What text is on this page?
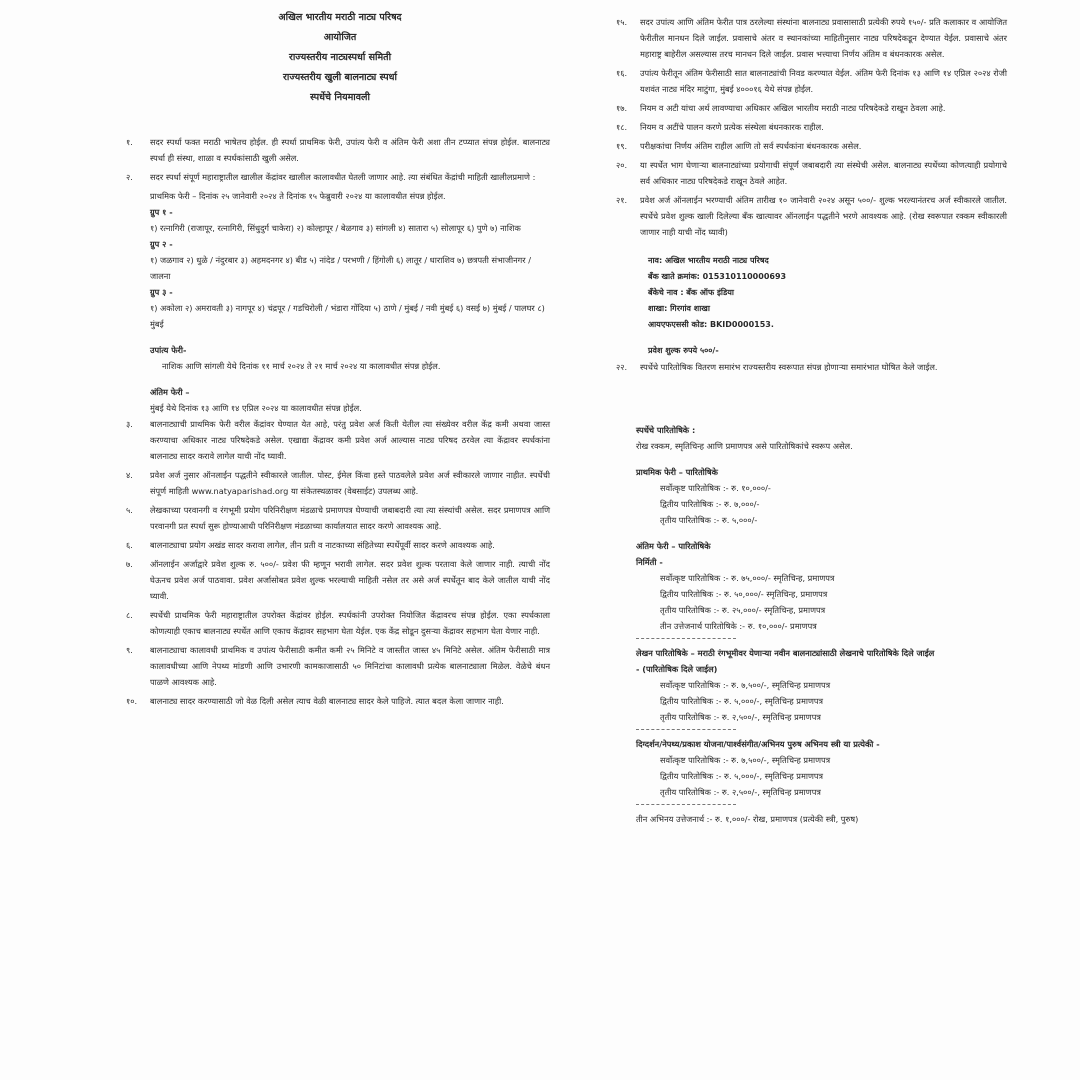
अखिल भारतीय मराठी नाट्य परिषद
आयोजित
राज्यस्तरीय नाट्यस्पर्धा समिती
राज्यस्तरीय खुली बालनाट्य स्पर्धा
स्पर्धेचे नियमावली
१.	सदर स्पर्धा फक्त मराठी भाषेतच होईल. ही स्पर्धा प्राथमिक फेरी, उपांत्य फेरी व अंतिम फेरी अशा तीन टप्प्यात संपन्न होईल. बालनाट्य स्पर्धा ही संस्था, शाळा व स्पर्धकांसाठी खुली असेल.
२.	सदर स्पर्धा संपूर्ण महाराष्ट्रातील खालील केंद्रांवर खालील कालावधीत घेतली जाणार आहे. त्या संबंधित केंद्रांची माहिती खालीलप्रमाणे :
प्राथमिक फेरी – दिनांक २५ जानेवारी २०२४ ते दिनांक १५ फेब्रुवारी २०२४ या कालावधीत संपन्न होईल.
ग्रुप १ -
१) रत्नागिरी (राजापूर, रत्नागिरी, सिंधुदुर्ग चाकेरा) २) कोल्हापूर / बेळगाव ३) सांगली ४) सातारा ५) सोलापूर ६) पुणे ७) नाशिक
ग्रुप २ -
१) जळगाव २) धुळे / नंदुरबार ३) अहमदनगर ४) बीड ५) नांदेड / परभणी / हिंगोली ६) लातूर / धाराशिव ७) छत्रपती संभाजीनगर / जालना
ग्रुप ३ -
१) अकोला २) अमरावती ३) नागपूर ४) चंद्रपूर / गडचिरोली / भंडारा गोंदिया ५) ठाणे / मुंबई / नवी मुंबई ६) वसई ७) मुंबई / पालघर ८) मुंबई
उपांत्य फेरी-
नाशिक आणि सांगली येथे दिनांक ११ मार्च २०२४ ते २१ मार्च २०२४ या कालावधीत संपन्न होईल.
अंतिम फेरी –
मुंबई येथे दिनांक १३ आणि १४ एप्रिल २०२४ या कालावधीत संपन्न होईल.
३.	बालनाट्याची प्राथमिक फेरी वरील केंद्रांवर घेण्यात येत आहे, परंतु प्रवेश अर्ज किती येतील त्या संख्येवर वरील केंद्र कमी अथवा जास्त करण्याचा अधिकार नाट्य परिषदेकडे असेल. एखाद्या केंद्रावर कमी प्रवेश अर्ज आल्यास नाट्य परिषद ठरवेल त्या केंद्रावर स्पर्धकांना बालनाट्य सादर करावे लागेल याची नोंद घ्यावी.
४.	प्रवेश अर्ज नुसार ऑनलाईन पद्धतीने स्वीकारले जातील. पोस्ट, ईमेल किंवा हस्ते पाठवलेले प्रवेश अर्ज स्वीकारले जाणार नाहीत. स्पर्धेची संपूर्ण माहिती www.natyaparishad.org या संकेतस्थळावर (वेबसाईट) उपलब्ध आहे.
५.	लेखकाच्या परवानगी व रंगभूमी प्रयोग परिनिरीक्षण मंडळाचे प्रमाणपत्र घेण्याची जबाबदारी त्या त्या संस्थांची असेल. सदर प्रमाणपत्र आणि परवानगी प्रत स्पर्धा सुरू होण्याआधी परिनिरीक्षण मंडळाच्या कार्यालयात सादर करणे आवश्यक आहे.
६.	बालनाट्याचा प्रयोग अखंड सादर करावा लागेल, तीन प्रती व नाटकाच्या संहितेच्या स्पर्धेपूर्वी सादर करणे आवश्यक आहे.
७.	ऑनलाईन अर्जाद्वारे प्रवेश शुल्क रु. ५००/- प्रवेश फी म्हणून भरावी लागेल. सदर प्रवेश शुल्क परतावा केले जाणार नाही. त्याची नोंद घेऊनच प्रवेश अर्ज पाठवावा. प्रवेश अर्जासोबत प्रवेश शुल्क भरल्याची माहिती नसेल तर असे अर्ज स्पर्धेतून बाद केले जातील याची नोंद घ्यावी.
८.	स्पर्धेची प्राथमिक फेरी महाराष्ट्रातील उपरोक्त केंद्रांवर होईल. स्पर्धकांनी उपरोक्त नियोजित केंद्रावरच संपन्न होईल. एका स्पर्धकाला कोणत्याही एकाच बालनाट्य स्पर्धेत आणि एकाच केंद्रावर सहभाग घेता येईल. एक केंद्र सोडून दुसऱ्या केंद्रावर सहभाग घेता येणार नाही.
९.	बालनाट्याचा कालावधी प्राथमिक व उपांत्य फेरीसाठी कमीत कमी २५ मिनिटे व जास्तीत जास्त ४५ मिनिटे असेल. अंतिम फेरीसाठी मात्र कालावधीच्या आणि नेपथ्य मांडणी आणि उभारणी कामकाजासाठी ५० मिनिटांचा कालावधी प्रत्येक बालनाट्याला मिळेल. वेळेचे बंधन पाळणे आवश्यक आहे.
१०.	बालनाट्य सादर करण्यासाठी जो वेळ दिली असेल त्याच वेळी बालनाट्य सादर केले पाहिजे. त्यात बदल केला जाणार नाही.
१५.	सदर उपांत्य आणि अंतिम फेरीत पात्र ठरलेल्या संस्थांना बालनाट्य प्रवासासाठी प्रत्येकी रुपये १५०/- प्रति कलाकार व आयोजित फेरीतील मानधन दिले जाईल. प्रवासाचे अंतर व स्थानकांच्या माहितीनुसार नाट्य परिषदेकडून देण्यात येईल. प्रवासाचे अंतर महाराष्ट्र बाहेरील असल्यास तरच मानधन दिले जाईल. प्रवास भत्त्याचा निर्णय अंतिम व बंधनकारक असेल.
१६.	उपांत्य फेरीतून अंतिम फेरीसाठी सात बालनाट्यांची निवड करण्यात येईल. अंतिम फेरी दिनांक १३ आणि १४ एप्रिल २०२४ रोजी यशवंत नाट्य मंदिर माटुंगा, मुंबई ४०००१६ येथे संपन्न होईल.
१७.	नियम व अटी यांचा अर्थ लावण्याचा अधिकार अखिल भारतीय मराठी नाट्य परिषदेकडे राखून ठेवला आहे.
१८.	नियम व अटींचे पालन करणे प्रत्येक संस्थेला बंधनकारक राहील.
१९.	परीक्षकांचा निर्णय अंतिम राहील आणि तो सर्व स्पर्धकांना बंधनकारक असेल.
२०.	या स्पर्धेत भाग घेणाऱ्या बालनाट्यांच्या प्रयोगाची संपूर्ण जबाबदारी त्या संस्थेची असेल. बालनाट्य स्पर्धेच्या कोणत्याही प्रयोगाचे सर्व अधिकार नाट्य परिषदेकडे राखून ठेवले आहेत.
२१.	प्रवेश अर्ज ऑनलाईन भरण्याची अंतिम तारीख १० जानेवारी २०२४ असून ५००/- शुल्क भरल्यानंतरच अर्ज स्वीकारले जातील. स्पर्धेचे प्रवेश शुल्क खाली दिलेल्या बँक खात्यावर ऑनलाईन पद्धतीने भरणे आवश्यक आहे. (रोख स्वरूपात रक्कम स्वीकारली जाणार नाही याची नोंद घ्यावी)
नाव: अखिल भारतीय मराठी नाट्य परिषद
बँक खाते क्रमांक: 015310110000693
बँकेचे नाव : बँक ऑफ इंडिया
शाखा: गिरगांव शाखा
आयएफएससी कोड: BKID0000153.
प्रवेश शुल्क रुपये ५००/-
२२.	स्पर्धेचे पारितोषिक वितरण समारंभ राज्यस्तरीय स्वरूपात संपन्न होणाऱ्या समारंभात घोषित केले जाईल.
स्पर्धेचे पारितोषिके :
रोख रक्कम, स्मृतिचिन्ह आणि प्रमाणपत्र असे पारितोषिकांचे स्वरूप असेल.
प्राथमिक फेरी – पारितोषिके
सर्वोत्कृष्ट पारितोषिक :- रु. १०,०००/-
द्वितीय पारितोषिक :- रु. ७,०००/-
तृतीय पारितोषिक :- रु. ५,०००/-
अंतिम फेरी – पारितोषिके
निर्मिती -
सर्वोत्कृष्ट पारितोषिक :- रु. ७५,०००/- स्मृतिचिन्ह, प्रमाणपत्र
द्वितीय पारितोषिक :- रु. ५०,०००/- स्मृतिचिन्ह, प्रमाणपत्र
तृतीय पारितोषिक :- रु. २५,०००/- स्मृतिचिन्ह, प्रमाणपत्र
तीन उत्तेजनार्थ पारितोषिके :- रु. १०,०००/- प्रमाणपत्र
लेखन पारितोषिके – मराठी रंगभूमीवर येणाऱ्या नवीन बालनाट्यांसाठी लेखनाचे पारितोषिके दिले जाईल
- (पारितोषिक दिले जाईल)
सर्वोत्कृष्ट पारितोषिक :- रु. ७,५००/-, स्मृतिचिन्ह प्रमाणपत्र
द्वितीय पारितोषिक :- रु. ५,०००/-, स्मृतिचिन्ह प्रमाणपत्र
तृतीय पारितोषिक :- रु. २,५००/-, स्मृतिचिन्ह प्रमाणपत्र
दिग्दर्शन/नेपथ्य/प्रकाश योजना/पार्श्वसंगीत/अभिनय पुरुष अभिनय स्त्री या प्रत्येकी -
सर्वोत्कृष्ट पारितोषिक :- रु. ७,५००/-, स्मृतिचिन्ह प्रमाणपत्र
द्वितीय पारितोषिक :- रु. ५,०००/-, स्मृतिचिन्ह प्रमाणपत्र
तृतीय पारितोषिक :- रु. २,५००/-, स्मृतिचिन्ह प्रमाणपत्र
तीन अभिनय उत्तेजनार्थ :- रु. १,०००/- रोख, प्रमाणपत्र (प्रत्येकी स्त्री, पुरुष)
